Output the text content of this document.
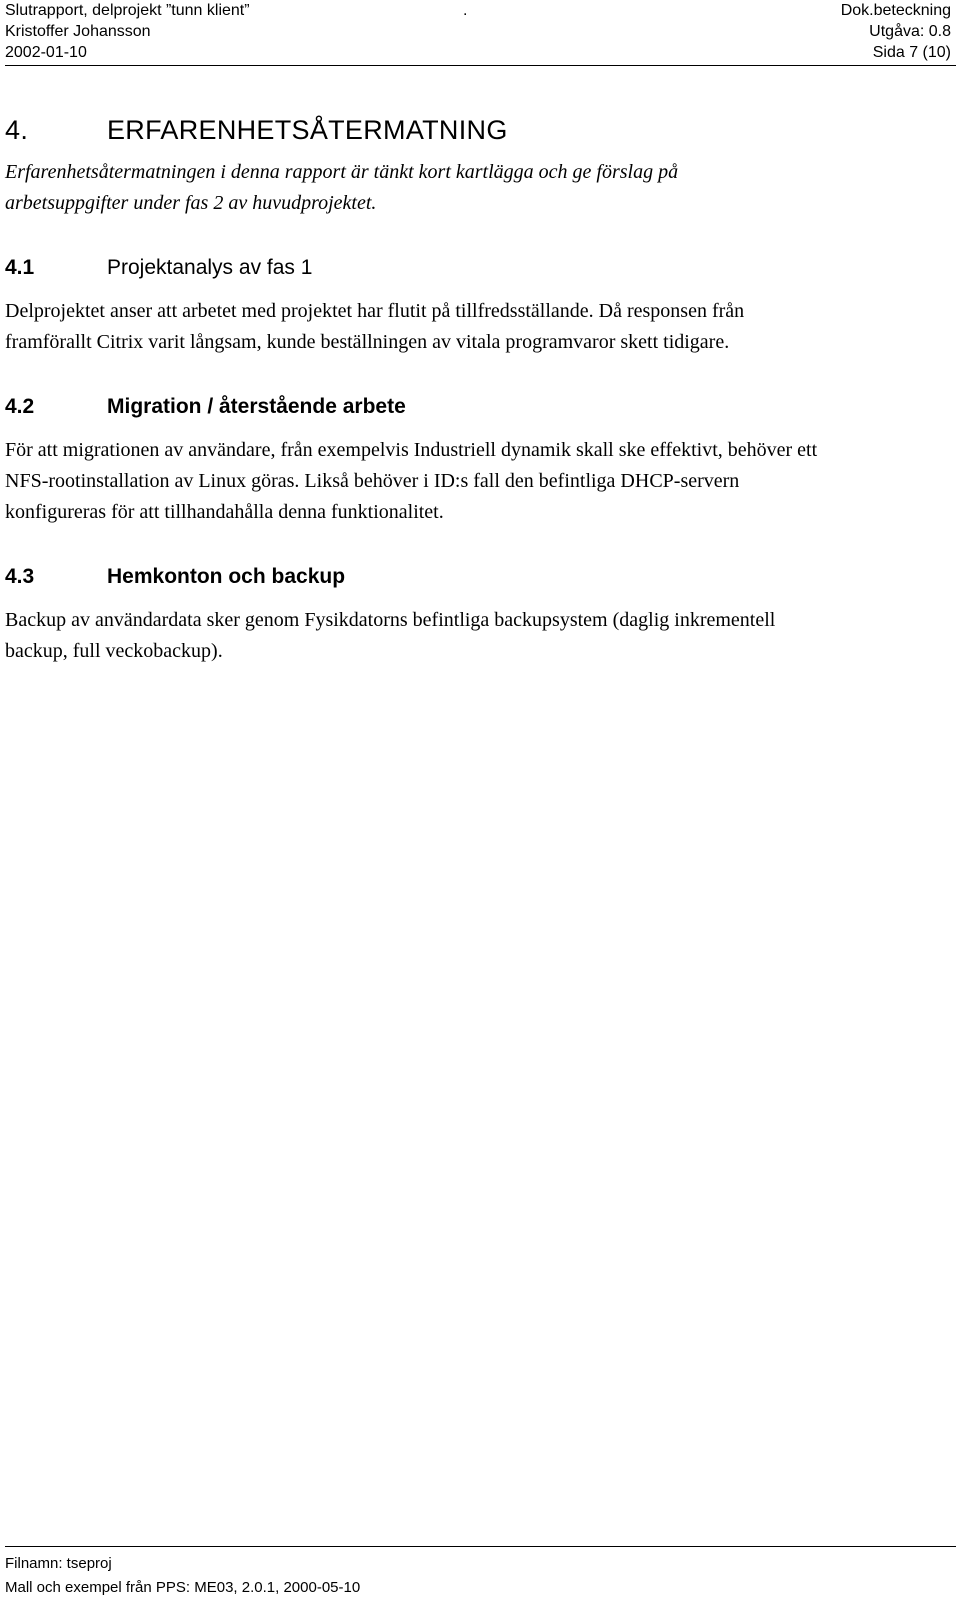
Slutrapport, delprojekt ”tunn klient”	.	Dok.beteckning
Kristoffer Johansson	Utgåva: 0.8
2002-01-10	Sida 7 (10)
4.	ERFARENHETSÅTERMATNING
Erfarenhetsåtermatningen i denna rapport är tänkt kort kartlägga och ge förslag på
arbetsuppgifter under fas 2 av huvudprojektet.
4.1	Projektanalys av fas 1
Delprojektet anser att arbetet med projektet har flutit på tillfredsställande. Då responsen från
framförallt Citrix varit långsam, kunde beställningen av vitala programvaror skett tidigare.
4.2	Migration / återstående arbete
För att migrationen av användare, från exempelvis Industriell dynamik skall ske effektivt, behöver ett
NFS-rootinstallation av Linux göras. Likså behöver i ID:s fall den befintliga DHCP-servern
konfigureras för att tillhandahålla denna funktionalitet.
4.3	Hemkonton och backup
Backup av användardata sker genom Fysikdatorns befintliga backupsystem (daglig inkrementell
backup, full veckobackup).
Filnamn: tseproj
Mall och exempel från PPS: ME03, 2.0.1, 2000-05-10
